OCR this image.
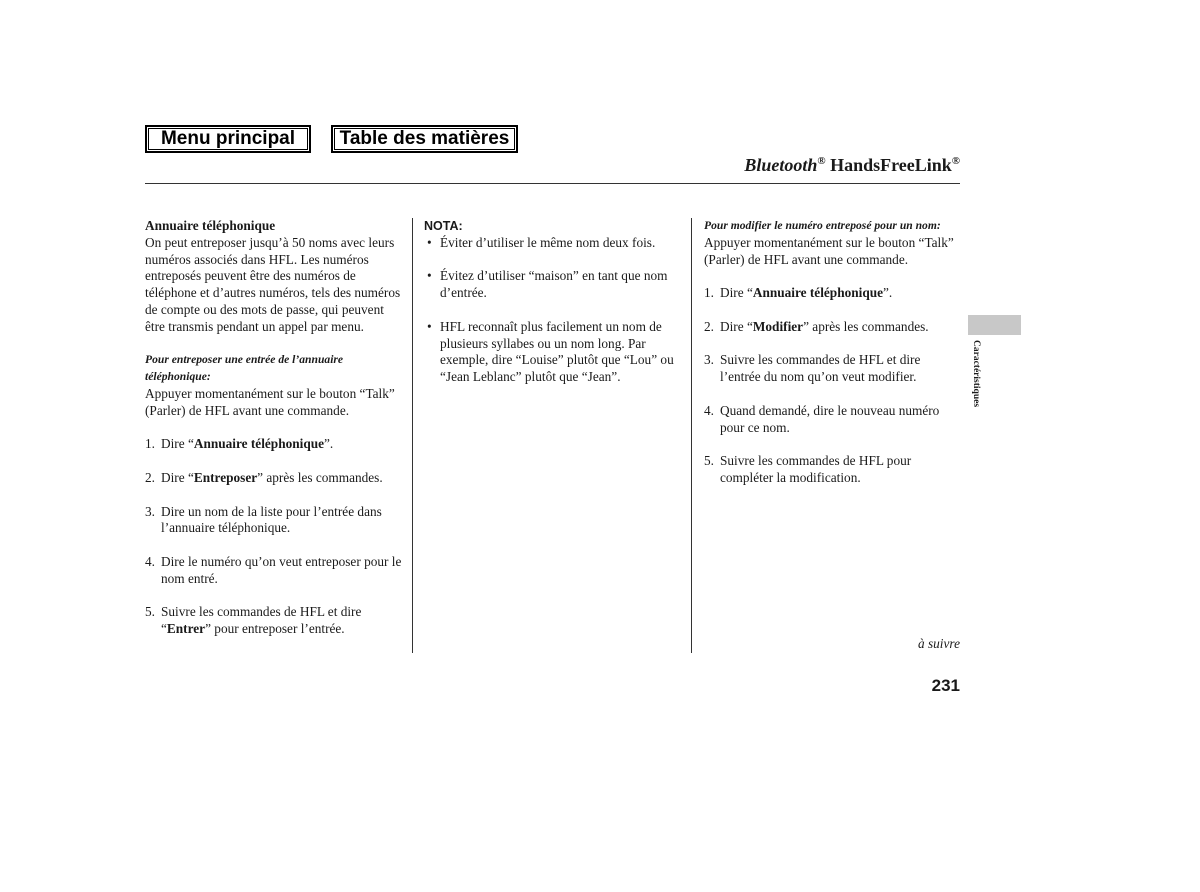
Menu principal	Table des matières
Bluetooth® HandsFreeLink®

Annuaire téléphonique

On peut entreposer jusqu’à 50 noms avec leurs numéros associés dans HFL. Les numéros entreposés peuvent être des numéros de téléphone et d’autres numéros, tels des numéros de compte ou des mots de passe, qui peuvent être transmis pendant un appel par menu.

Pour entreposer une entrée de l’annuaire téléphonique:

Appuyer momentanément sur le bouton “Talk” (Parler) de HFL avant une commande.

1. Dire “Annuaire téléphonique”.
2. Dire “Entreposer” après les commandes.
3. Dire un nom de la liste pour l’entrée dans l’annuaire téléphonique.
4. Dire le numéro qu’on veut entreposer pour le nom entré.
5. Suivre les commandes de HFL et dire “Entrer” pour entreposer l’entrée.

NOTA:

• Éviter d’utiliser le même nom deux fois.
• Évitez d’utiliser “maison” en tant que nom d’entrée.
• HFL reconnaît plus facilement un nom de plusieurs syllabes ou un nom long. Par exemple, dire “Louise” plutôt que “Lou” ou “Jean Leblanc” plutôt que “Jean”.

Pour modifier le numéro entreposé pour un nom:

Appuyer momentanément sur le bouton “Talk” (Parler) de HFL avant une commande.

1. Dire “Annuaire téléphonique”.
2. Dire “Modifier” après les commandes.
3. Suivre les commandes de HFL et dire l’entrée du nom qu’on veut modifier.
4. Quand demandé, dire le nouveau numéro pour ce nom.
5. Suivre les commandes de HFL pour compléter la modification.
Caractéristiques
à suivre
231
